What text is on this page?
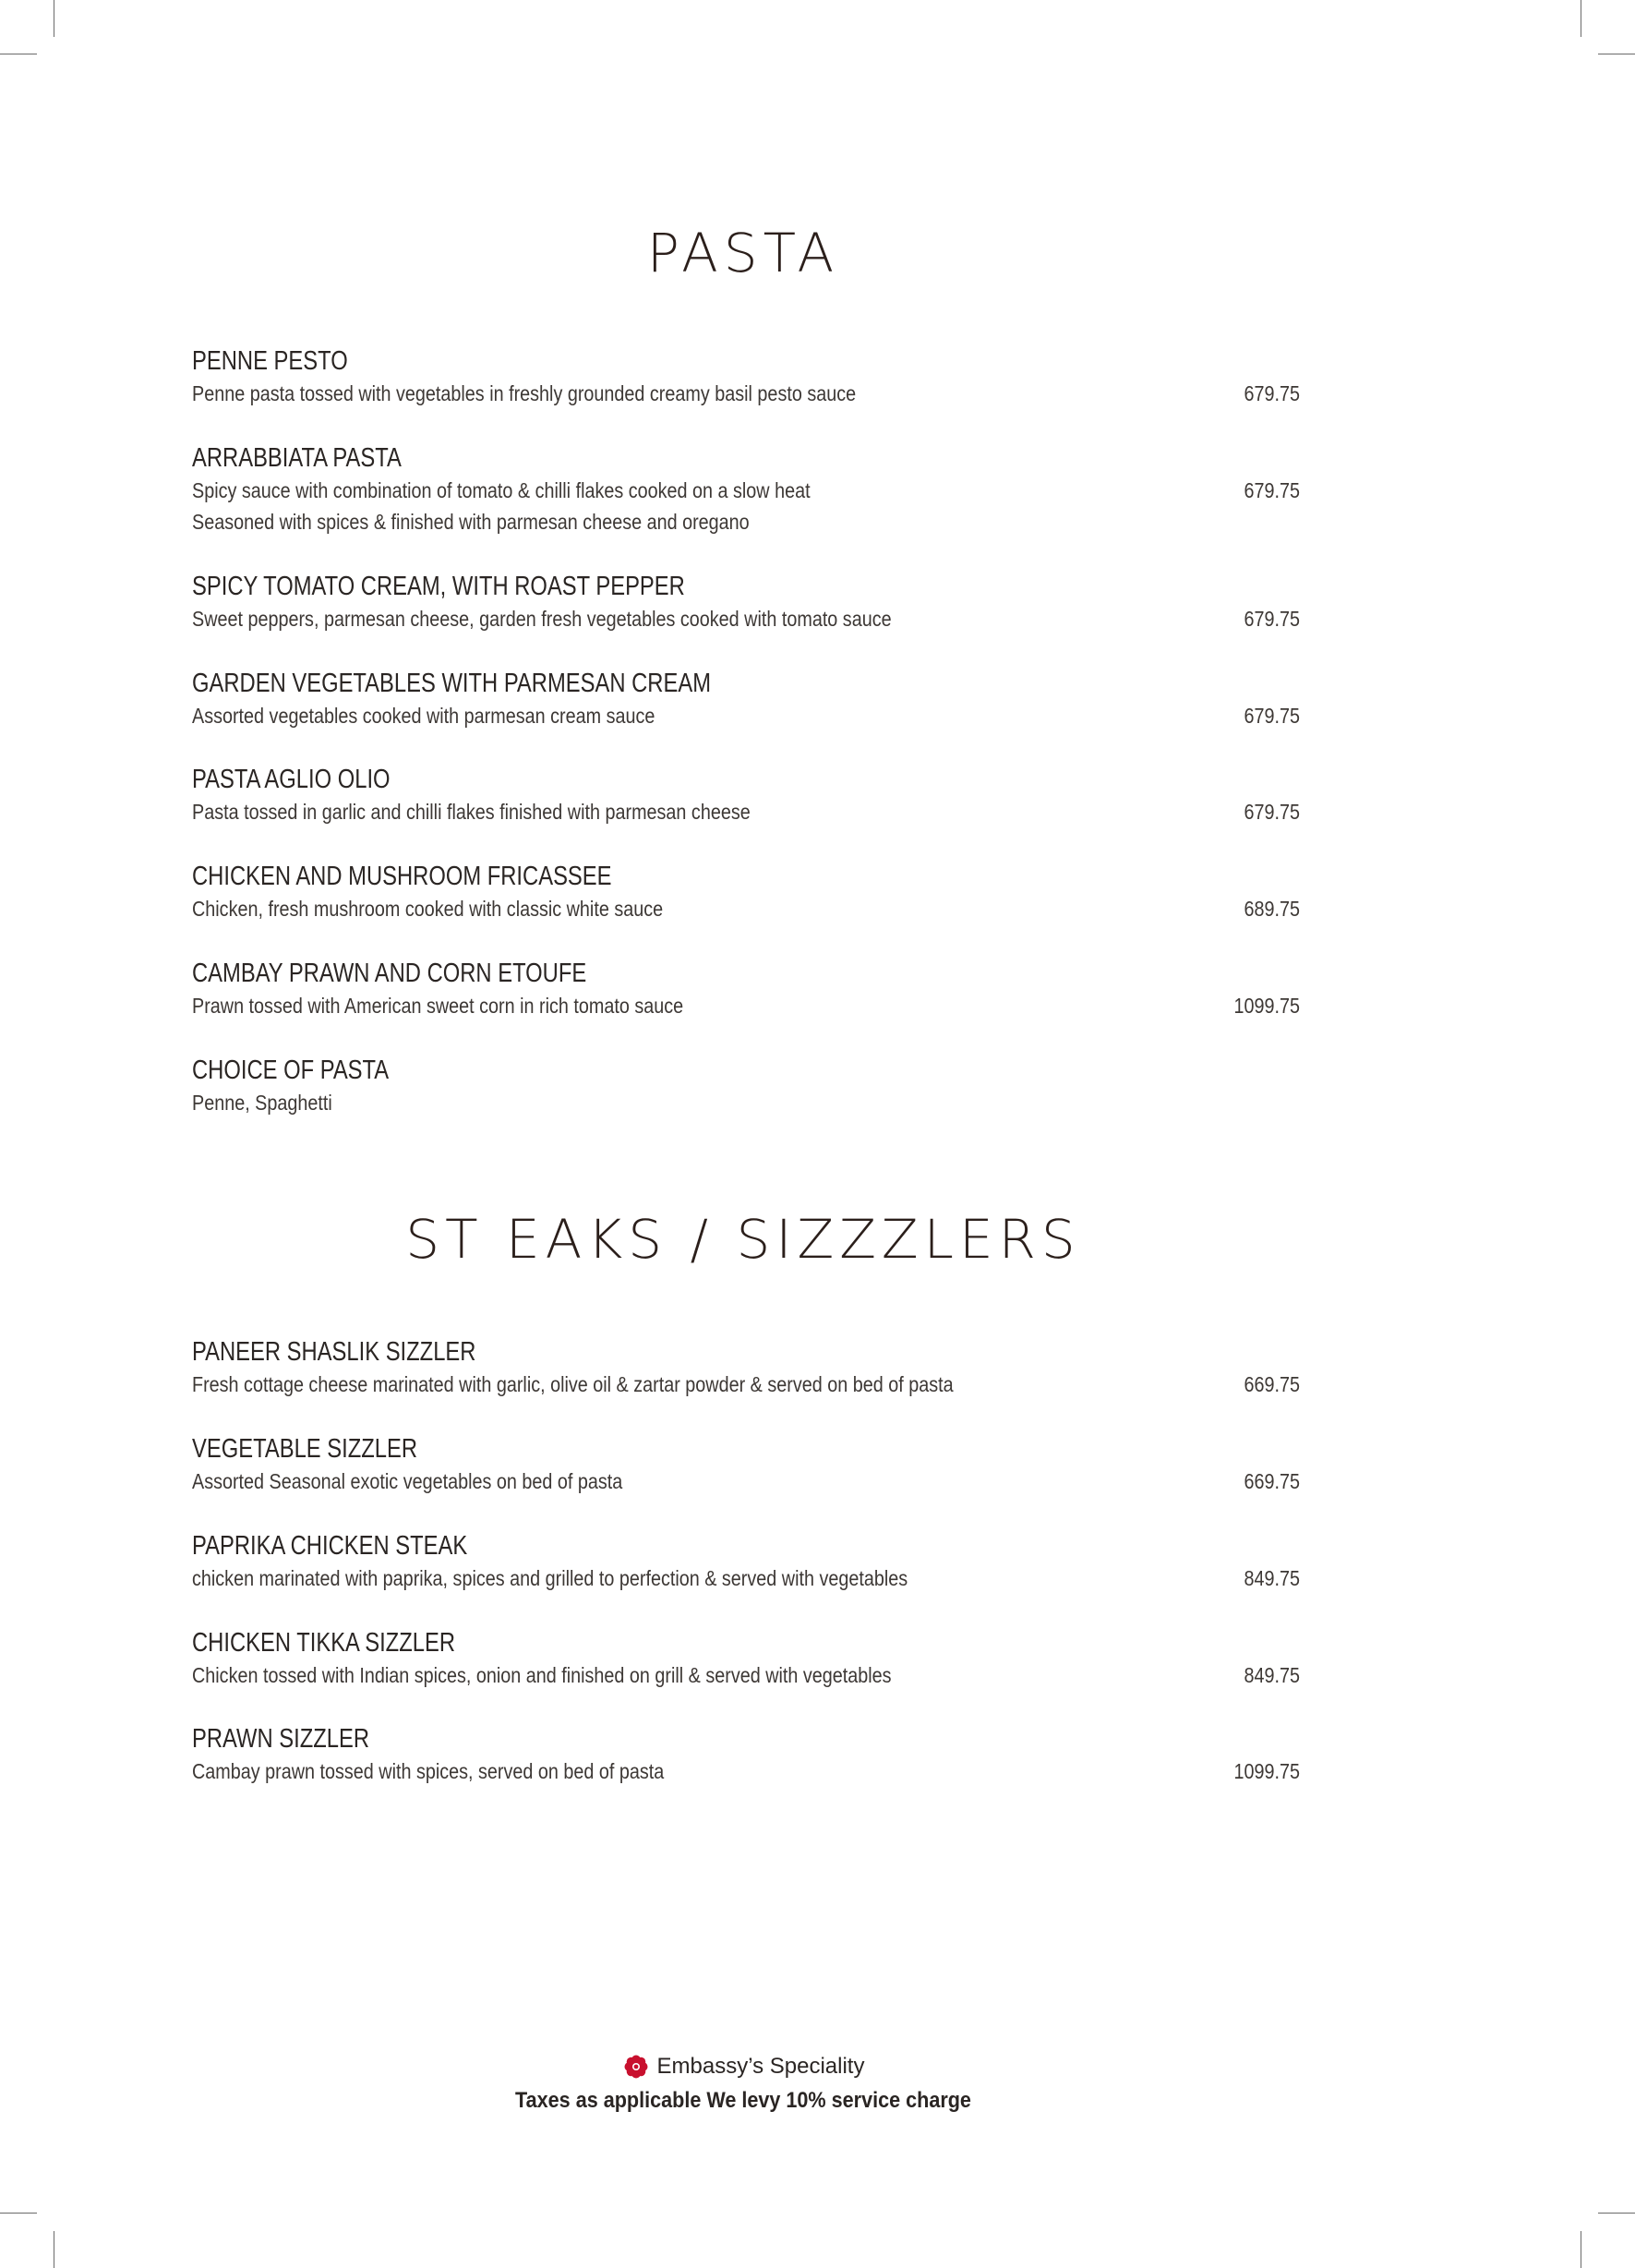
PASTA
PENNE PESTO
Penne pasta tossed with vegetables in freshly grounded creamy basil pesto sauce	679.75
ARRABBIATA PASTA
Spicy sauce with combination of tomato & chilli flakes cooked on a slow heat
Seasoned with spices & finished with parmesan cheese and oregano
679.75
SPICY TOMATO CREAM, WITH ROAST PEPPER
Sweet peppers, parmesan cheese, garden fresh vegetables cooked with tomato sauce	679.75
GARDEN VEGETABLES WITH PARMESAN CREAM
Assorted vegetables cooked with parmesan cream sauce	679.75
PASTA AGLIO OLIO
Pasta tossed in garlic and chilli flakes finished with parmesan cheese	679.75
CHICKEN AND MUSHROOM FRICASSEE
Chicken, fresh mushroom cooked with classic white sauce	689.75
CAMBAY PRAWN AND CORN ETOUFE
Prawn tossed with American sweet corn in rich tomato sauce	1099.75
CHOICE OF PASTA
Penne, Spaghetti
ST EAKS / SIZZZLERS
PANEER SHASLIK SIZZLER
Fresh cottage cheese marinated with garlic, olive oil & zartar powder & served on bed of pasta	669.75
VEGETABLE SIZZLER
Assorted Seasonal exotic vegetables on bed of pasta	669.75
PAPRIKA CHICKEN STEAK
chicken marinated with paprika, spices and grilled to perfection & served with vegetables	849.75
CHICKEN TIKKA SIZZLER
Chicken tossed with Indian spices, onion and finished on grill & served with vegetables	849.75
PRAWN SIZZLER
Cambay prawn tossed with spices, served on bed of pasta	1099.75
Embassy’s Speciality
Taxes as applicable We levy 10% service charge
